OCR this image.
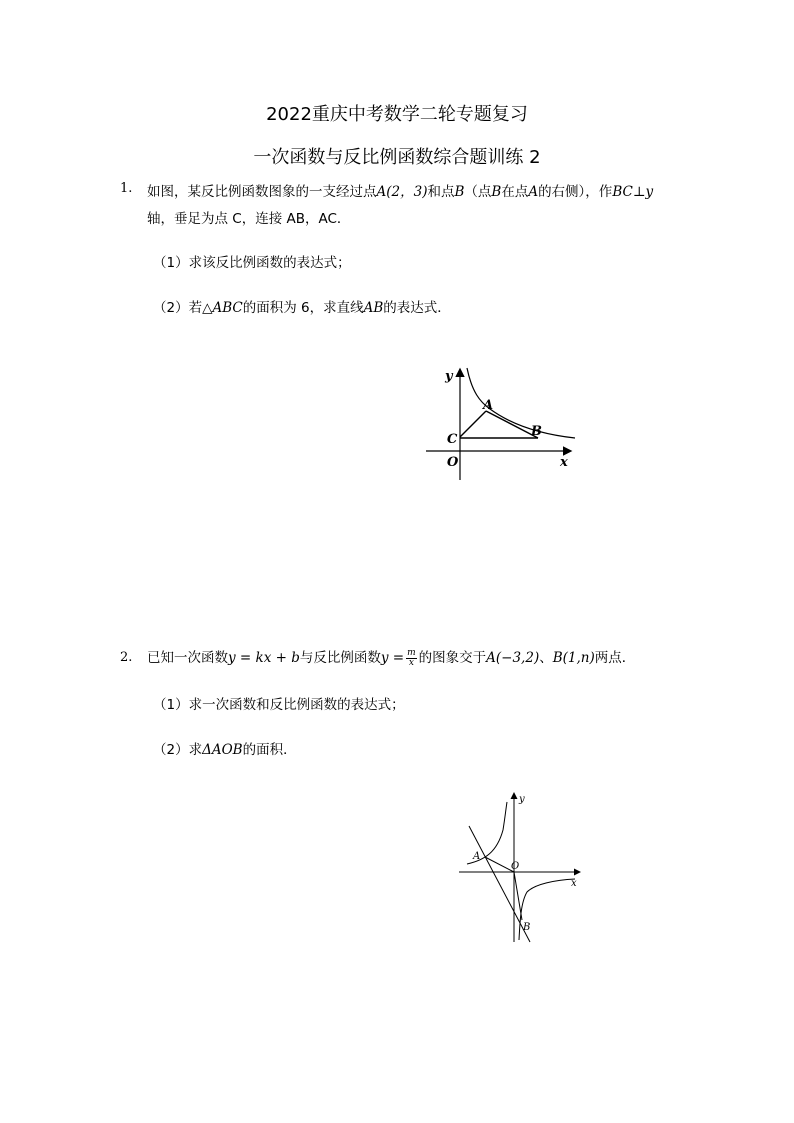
2022重庆中考数学二轮专题复习
一次函数与反比例函数综合题训练 2
1. 如图，某反比例函数图象的一支经过点A(2，3)和点B（点B在点A的右侧），作BC⊥y
轴，垂足为点 C，连接 AB，AC．
（1）求该反比例函数的表达式；
（2）若△ABC的面积为 6，求直线AB的表达式．
y
A
B
C
O	x
2. 已知一次函数y = kx + b与反比例函数$y = \frac{m}{x}$ 的图象交于A(−3,2)、B(1,n)两点．
（1）求一次函数和反比例函数的表达式；
（2）求ΔAOB的面积．
y
A
O
x
B
